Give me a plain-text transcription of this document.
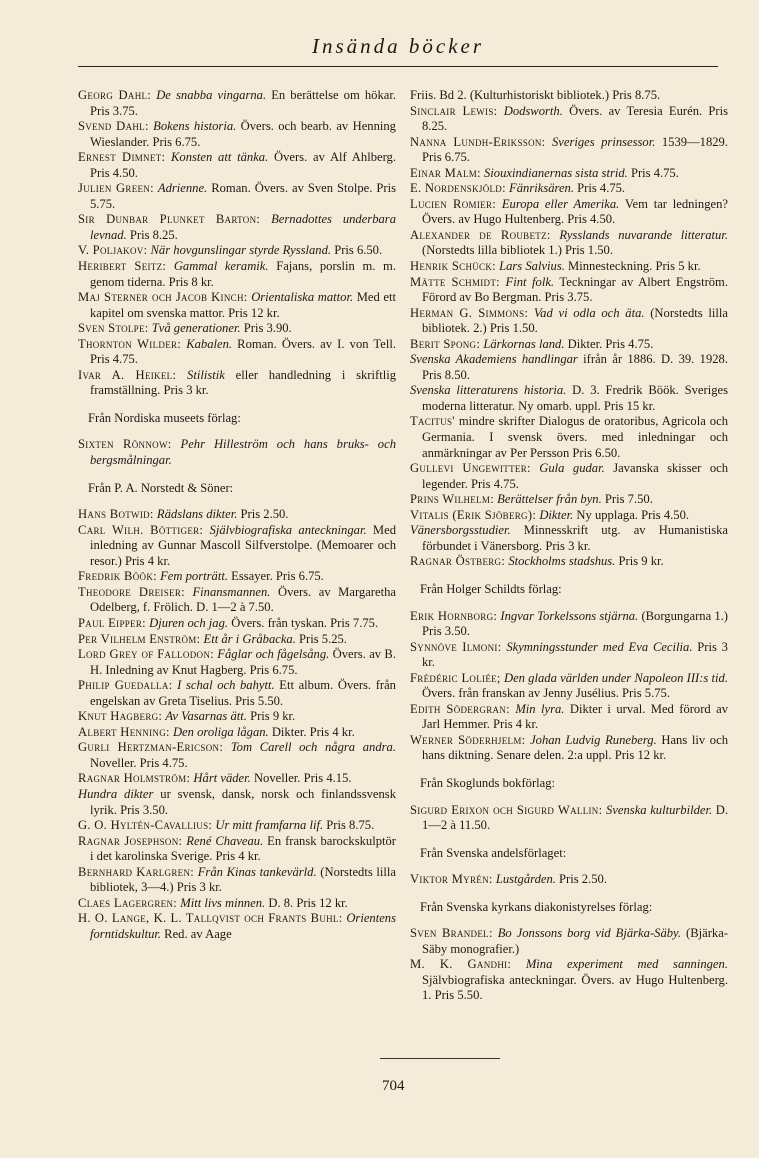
Insända böcker
Georg Dahl: De snabba vingarna. En berättelse om hökar. Pris 3.75.
Svend Dahl: Bokens historia. Övers. och bearb. av Henning Wieslander. Pris 6.75.
Ernest Dimnet: Konsten att tänka. Övers. av Alf Ahlberg. Pris 4.50.
Julien Green: Adrienne. Roman. Övers. av Sven Stolpe. Pris 5.75.
Sir Dunbar Plunket Barton: Bernadottes underbara levnad. Pris 8.25.
V. Poljakov: När hovgunslingar styrde Ryssland. Pris 6.50.
Heribert Seitz: Gammal keramik. Fajans, porslin m. m. genom tiderna. Pris 8 kr.
Maj Sterner och Jacob Kinch: Orientaliska mattor. Med ett kapitel om svenska mattor. Pris 12 kr.
Sven Stolpe: Två generationer. Pris 3.90.
Thornton Wilder: Kabalen. Roman. Övers. av I. von Tell. Pris 4.75.
Ivar A. Heikel: Stilistik eller handledning i skriftlig framställning. Pris 3 kr.
Från Nordiska museets förlag:
Sixten Rönnow: Pehr Hilleström och hans bruks- och bergsmålningar.
Från P. A. Norstedt & Söner:
Hans Botwid: Rädslans dikter. Pris 2.50.
Carl Wilh. Böttiger: Självbiografiska anteckningar. Med inledning av Gunnar Mascoll Silfverstolpe. (Memoarer och resor.) Pris 4 kr.
Fredrik Böök: Fem porträtt. Essayer. Pris 6.75.
Theodore Dreiser: Finansmannen. Övers. av Margaretha Odelberg, f. Frölich. D. 1—2 à 7.50.
Paul Eipper: Djuren och jag. Övers. från tyskan. Pris 7.75.
Per Vilhelm Enström: Ett år i Gråbacka. Pris 5.25.
Lord Grey of Fallodon: Fåglar och fågelsång. Övers. av B. H. Inledning av Knut Hagberg. Pris 6.75.
Philip Guedalla: I schal och bahytt. Ett album. Övers. från engelskan av Greta Tiselius. Pris 5.50.
Knut Hagberg: Av Vasarnas ätt. Pris 9 kr.
Albert Henning: Den oroliga lågan. Dikter. Pris 4 kr.
Gurli Hertzman-Ericson: Tom Carell och några andra. Noveller. Pris 4.75.
Ragnar Holmström: Hårt väder. Noveller. Pris 4.15.
Hundra dikter ur svensk, dansk, norsk och finlandssvensk lyrik. Pris 3.50.
G. O. Hyltén-Cavallius: Ur mitt framfarna lif. Pris 8.75.
Ragnar Josephson: René Chaveau. En fransk barockskulptör i det karolinska Sverige. Pris 4 kr.
Bernhard Karlgren: Från Kinas tankevärld. (Norstedts lilla bibliotek, 3—4.) Pris 3 kr.
Claes Lagergren: Mitt livs minnen. D. 8. Pris 12 kr.
H. O. Lange, K. L. Tallqvist och Frants Buhl: Orientens forntidskultur. Red. av Aage
Friis. Bd 2. (Kulturhistoriskt bibliotek.) Pris 8.75.
Sinclair Lewis: Dodsworth. Övers. av Teresia Eurén. Pris 8.25.
Nanna Lundh-Eriksson: Sveriges prinsessor. 1539—1829. Pris 6.75.
Einar Malm: Siouxindianernas sista strid. Pris 4.75.
E. Nordenskjöld: Fänriksären. Pris 4.75.
Lucien Romier: Europa eller Amerika. Vem tar ledningen? Övers. av Hugo Hultenberg. Pris 4.50.
Alexander de Roubetz: Rysslands nuvarande litteratur. (Norstedts lilla bibliotek 1.) Pris 1.50.
Henrik Schück: Lars Salvius. Minnesteckning. Pris 5 kr.
Mätte Schmidt: Fint folk. Teckningar av Albert Engström. Förord av Bo Bergman. Pris 3.75.
Herman G. Simmons: Vad vi odla och äta. (Norstedts lilla bibliotek. 2.) Pris 1.50.
Berit Spong: Lärkornas land. Dikter. Pris 4.75.
Svenska Akademiens handlingar ifrån år 1886. D. 39. 1928. Pris 8.50.
Svenska litteraturens historia. D. 3. Fredrik Böök. Sveriges moderna litteratur. Ny omarb. uppl. Pris 15 kr.
Tacitus' mindre skrifter Dialogus de oratoribus, Agricola och Germania. I svensk övers. med inledningar och anmärkningar av Per Persson Pris 6.50.
Gullevi Ungewitter: Gula gudar. Javanska skisser och legender. Pris 4.75.
Prins Wilhelm: Berättelser från byn. Pris 7.50.
Vitalis (Erik Sjöberg): Dikter. Ny upplaga. Pris 4.50.
Vänersborgsstudier. Minnesskrift utg. av Humanistiska förbundet i Vänersborg. Pris 3 kr.
Ragnar Östberg: Stockholms stadshus. Pris 9 kr.
Från Holger Schildts förlag:
Erik Hornborg: Ingvar Torkelssons stjärna. (Borgungarna 1.) Pris 3.50.
Synnöve Ilmoni: Skymningsstunder med Eva Cecilia. Pris 3 kr.
Frédéric Loliée; Den glada världen under Napoleon III:s tid. Övers. från franskan av Jenny Jusélius. Pris 5.75.
Edith Södergran: Min lyra. Dikter i urval. Med förord av Jarl Hemmer. Pris 4 kr.
Werner Söderhjelm: Johan Ludvig Runeberg. Hans liv och hans diktning. Senare delen. 2:a uppl. Pris 12 kr.
Från Skoglunds bokförlag:
Sigurd Erixon och Sigurd Wallin: Svenska kulturbilder. D. 1—2 à 11.50.
Från Svenska andelsförlaget:
Viktor Myrén: Lustgården. Pris 2.50.
Från Svenska kyrkans diakonistyrelses förlag:
Sven Brandel: Bo Jonssons borg vid Bjärka-Säby. (Bjärka-Säby monografier.)
M. K. Gandhi: Mina experiment med sanningen. Självbiografiska anteckningar. Övers. av Hugo Hultenberg. 1. Pris 5.50.
704
